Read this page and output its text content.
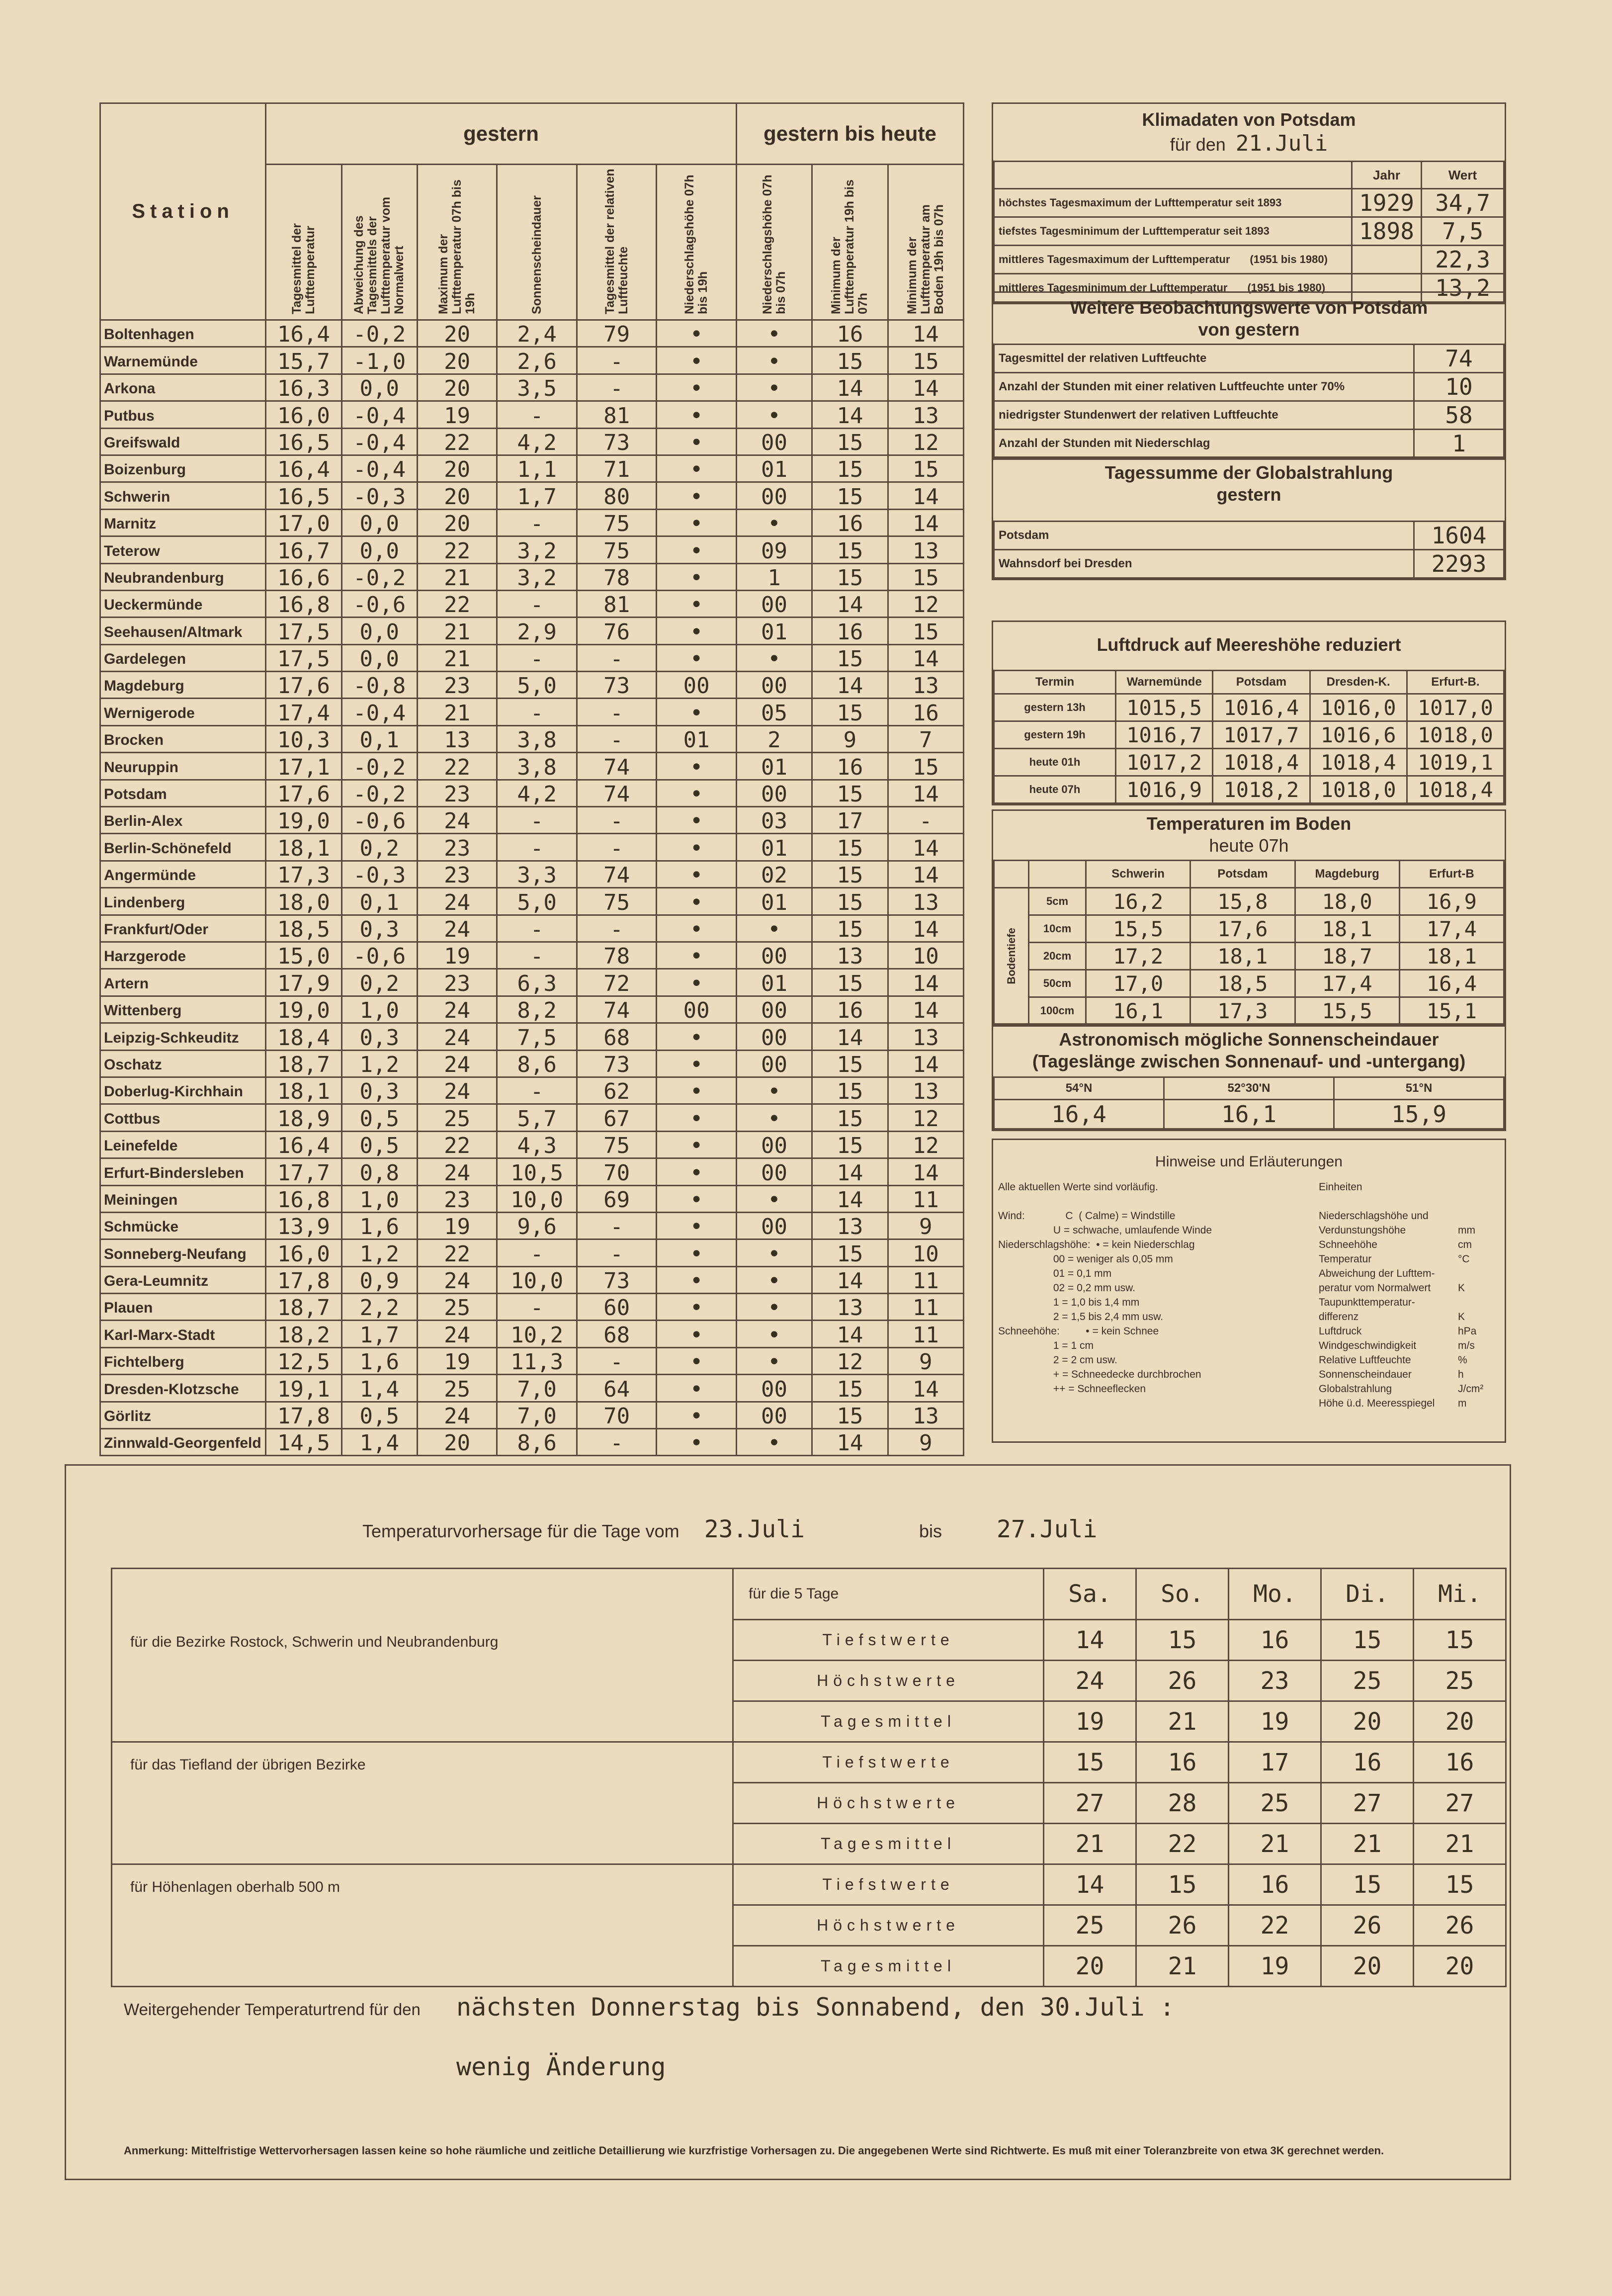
Station	gestern						gestern bis heute		

	Tagesmittel der Lufttemperatur	Abweichung des Tagesmittels der Lufttemperatur vom Normalwert	Maximum der Lufttemperatur 07h bis 19h	Sonnenscheindauer	Tagesmittel der relativen Luftfeuchte	Niederschlagshöhe 07h bis 19h	Niederschlagshöhe 07h bis 07h	Minimum der Lufttemperatur 19h bis 07h	Minimum der Lufttemperatur am Boden 19h bis 07h

Boltenhagen	16,4	-0,2	20	2,4	79	•	•	16	14
Warnemünde	15,7	-1,0	20	2,6	-	•	•	15	15
Arkona	16,3	0,0	20	3,5	-	•	•	14	14
Putbus	16,0	-0,4	19	-	81	•	•	14	13
Greifswald	16,5	-0,4	22	4,2	73	•	00	15	12
Boizenburg	16,4	-0,4	20	1,1	71	•	01	15	15
Schwerin	16,5	-0,3	20	1,7	80	•	00	15	14
Marnitz	17,0	0,0	20	-	75	•	•	16	14
Teterow	16,7	0,0	22	3,2	75	•	09	15	13
Neubrandenburg	16,6	-0,2	21	3,2	78	•	1	15	15
Ueckermünde	16,8	-0,6	22	-	81	•	00	14	12
Seehausen/Altmark	17,5	0,0	21	2,9	76	•	01	16	15
Gardelegen	17,5	0,0	21	-	-	•	•	15	14
Magdeburg	17,6	-0,8	23	5,0	73	00	00	14	13
Wernigerode	17,4	-0,4	21	-	-	•	05	15	16
Brocken	10,3	0,1	13	3,8	-	01	2	9	7
Neuruppin	17,1	-0,2	22	3,8	74	•	01	16	15
Potsdam	17,6	-0,2	23	4,2	74	•	00	15	14
Berlin-Alex	19,0	-0,6	24	-	-	•	03	17	-
Berlin-Schönefeld	18,1	0,2	23	-	-	•	01	15	14
Angermünde	17,3	-0,3	23	3,3	74	•	02	15	14
Lindenberg	18,0	0,1	24	5,0	75	•	01	15	13
Frankfurt/Oder	18,5	0,3	24	-	-	•	•	15	14
Harzgerode	15,0	-0,6	19	-	78	•	00	13	10
Artern	17,9	0,2	23	6,3	72	•	01	15	14
Wittenberg	19,0	1,0	24	8,2	74	00	00	16	14
Leipzig-Schkeuditz	18,4	0,3	24	7,5	68	•	00	14	13
Oschatz	18,7	1,2	24	8,6	73	•	00	15	14
Doberlug-Kirchhain	18,1	0,3	24	-	62	•	•	15	13
Cottbus	18,9	0,5	25	5,7	67	•	•	15	12
Leinefelde	16,4	0,5	22	4,3	75	•	00	15	12
Erfurt-Bindersleben	17,7	0,8	24	10,5	70	•	00	14	14
Meiningen	16,8	1,0	23	10,0	69	•	•	14	11
Schmücke	13,9	1,6	19	9,6	-	•	00	13	9
Sonneberg-Neufang	16,0	1,2	22	-	-	•	•	15	10
Gera-Leumnitz	17,8	0,9	24	10,0	73	•	•	14	11
Plauen	18,7	2,2	25	-	60	•	•	13	11
Karl-Marx-Stadt	18,2	1,7	24	10,2	68	•	•	14	11
Fichtelberg	12,5	1,6	19	11,3	-	•	•	12	9
Dresden-Klotzsche	19,1	1,4	25	7,0	64	•	00	15	14
Görlitz	17,8	0,5	24	7,0	70	•	00	15	13
Zinnwald-Georgenfeld	14,5	1,4	20	8,6	-	•	•	14	9
Klimadaten von Potsdam
für den 21.Juli
	Jahr	Wert
höchstes Tagesmaximum der Lufttemperatur seit 1893	1929	34,7
tiefstes Tagesminimum der Lufttemperatur seit 1893	1898	7,5
mittleres Tagesmaximum der Lufttemperatur (1951 bis 1980)		22,3
mittleres Tagesminimum der Lufttemperatur (1951 bis 1980)		13,2
Weitere Beobachtungswerte von Potsdam
von gestern
Tagesmittel der relativen Luftfeuchte	74
Anzahl der Stunden mit einer relativen Luftfeuchte unter 70%	10
niedrigster Stundenwert der relativen Luftfeuchte	58
Anzahl der Stunden mit Niederschlag	1
Tagessumme der Globalstrahlung
gestern
Potsdam	1604
Wahnsdorf bei Dresden	2293
Luftdruck auf Meereshöhe reduziert
Termin	Warnemünde	Potsdam	Dresden-K.	Erfurt-B.
gestern 13h	1015,5	1016,4	1016,0	1017,0
gestern 19h	1016,7	1017,7	1016,6	1018,0
heute 01h	1017,2	1018,4	1018,4	1019,1
heute 07h	1016,9	1018,2	1018,0	1018,4
Temperaturen im Boden
heute 07h
		Schwerin	Potsdam	Magdeburg	Erfurt-B

Bodentiefe	5cm	16,2	15,8	18,0	16,9
	10cm	15,5	17,6	18,1	17,4
	20cm	17,2	18,1	18,7	18,1
	50cm	17,0	18,5	17,4	16,4
	100cm	16,1	17,3	15,5	15,1
Astronomisch mögliche Sonnenscheindauer
(Tageslänge zwischen Sonnenauf- und -untergang)
54°N	52°30'N	51°N
16,4	16,1	15,9
Hinweise und Erläuterungen
Alle aktuellen Werte sind vorläufig.
Wind:              C  ( Calme) = Windstille
U = schwache, umlaufende Winde
Niederschlagshöhe:  • = kein Niederschlag
00 = weniger als 0,05 mm
01 = 0,1 mm
02 = 0,2 mm usw.
1 = 1,0 bis 1,4 mm
2 = 1,5 bis 2,4 mm usw.
Schneehöhe:         • = kein Schnee
1 = 1 cm
2 = 2 cm usw.
+ = Schneedecke durchbrochen
++ = Schneeflecken
Einheiten
Niederschlagshöhe und
Verdunstungshöhe	mm
Schneehöhe	cm
Temperatur	°C
Abweichung der Lufttem-
peratur vom Normalwert	K
Taupunkttemperatur-
differenz	K
Luftdruck	hPa
Windgeschwindigkeit	m/s
Relative Luftfeuchte	%
Sonnenscheindauer	h
Globalstrahlung	J/cm²
Höhe ü.d. Meeresspiegel	m
Temperaturvorhersage für die Tage vom 23.Juli	bis 27.Juli
	für die 5 Tage	Sa.	So.	Mo.	Di.	Mi.
für die Bezirke Rostock, Schwerin und Neubrandenburg	Tiefstwerte	14	15	16	15	15
	Höchstwerte	24	26	23	25	25
	Tagesmittel	19	21	19	20	20
für das Tiefland der übrigen Bezirke	Tiefstwerte	15	16	17	16	16
	Höchstwerte	27	28	25	27	27
	Tagesmittel	21	22	21	21	21
für Höhenlagen oberhalb 500 m	Tiefstwerte	14	15	16	15	15
	Höchstwerte	25	26	22	26	26
	Tagesmittel	20	21	19	20	20
Weitergehender Temperaturtrend für den nächsten Donnerstag bis Sonnabend, den 30.Juli :
wenig Änderung
Anmerkung: Mittelfristige Wettervorhersagen lassen keine so hohe räumliche und zeitliche Detaillierung wie kurzfristige Vorhersagen zu. Die angegebenen Werte sind Richtwerte. Es muß mit einer Toleranzbreite von etwa 3K gerechnet werden.
